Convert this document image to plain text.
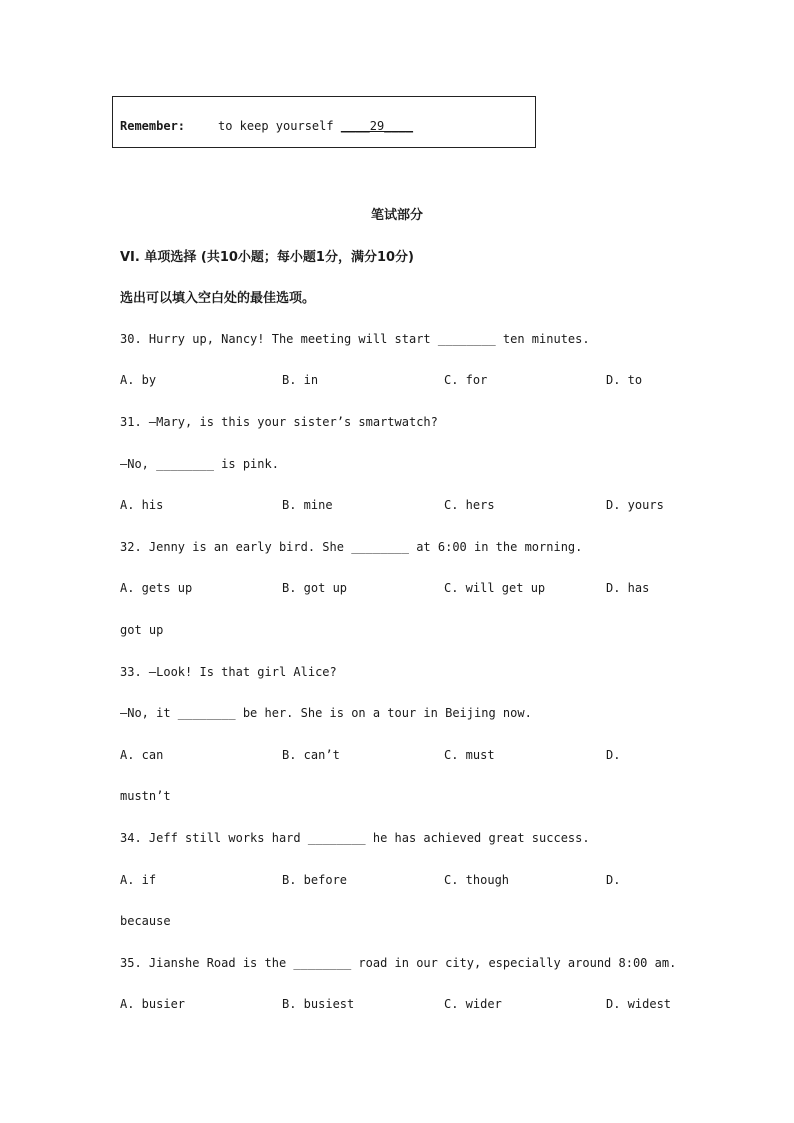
Remember:	to keep yourself ____29____
笔试部分
VI. 单项选择 (共10小题；每小题1分，满分10分)
选出可以填入空白处的最佳选项。
30. Hurry up, Nancy! The meeting will start ________ ten minutes.
A. by	B. in	C. for	D. to
31. —Mary, is this your sister’s smartwatch?
—No, ________ is pink.
A. his	B. mine	C. hers	D. yours
32. Jenny is an early bird. She ________ at 6:00 in the morning.
A. gets up	B. got up	C. will get up	D. has
got up
33. —Look! Is that girl Alice?
—No, it ________ be her. She is on a tour in Beijing now.
A. can	B. can’t	C. must	D.
mustn’t
34. Jeff still works hard ________ he has achieved great success.
A. if	B. before	C. though	D.
because
35. Jianshe Road is the ________ road in our city, especially around 8:00 am.
A. busier	B. busiest	C. wider	D. widest
